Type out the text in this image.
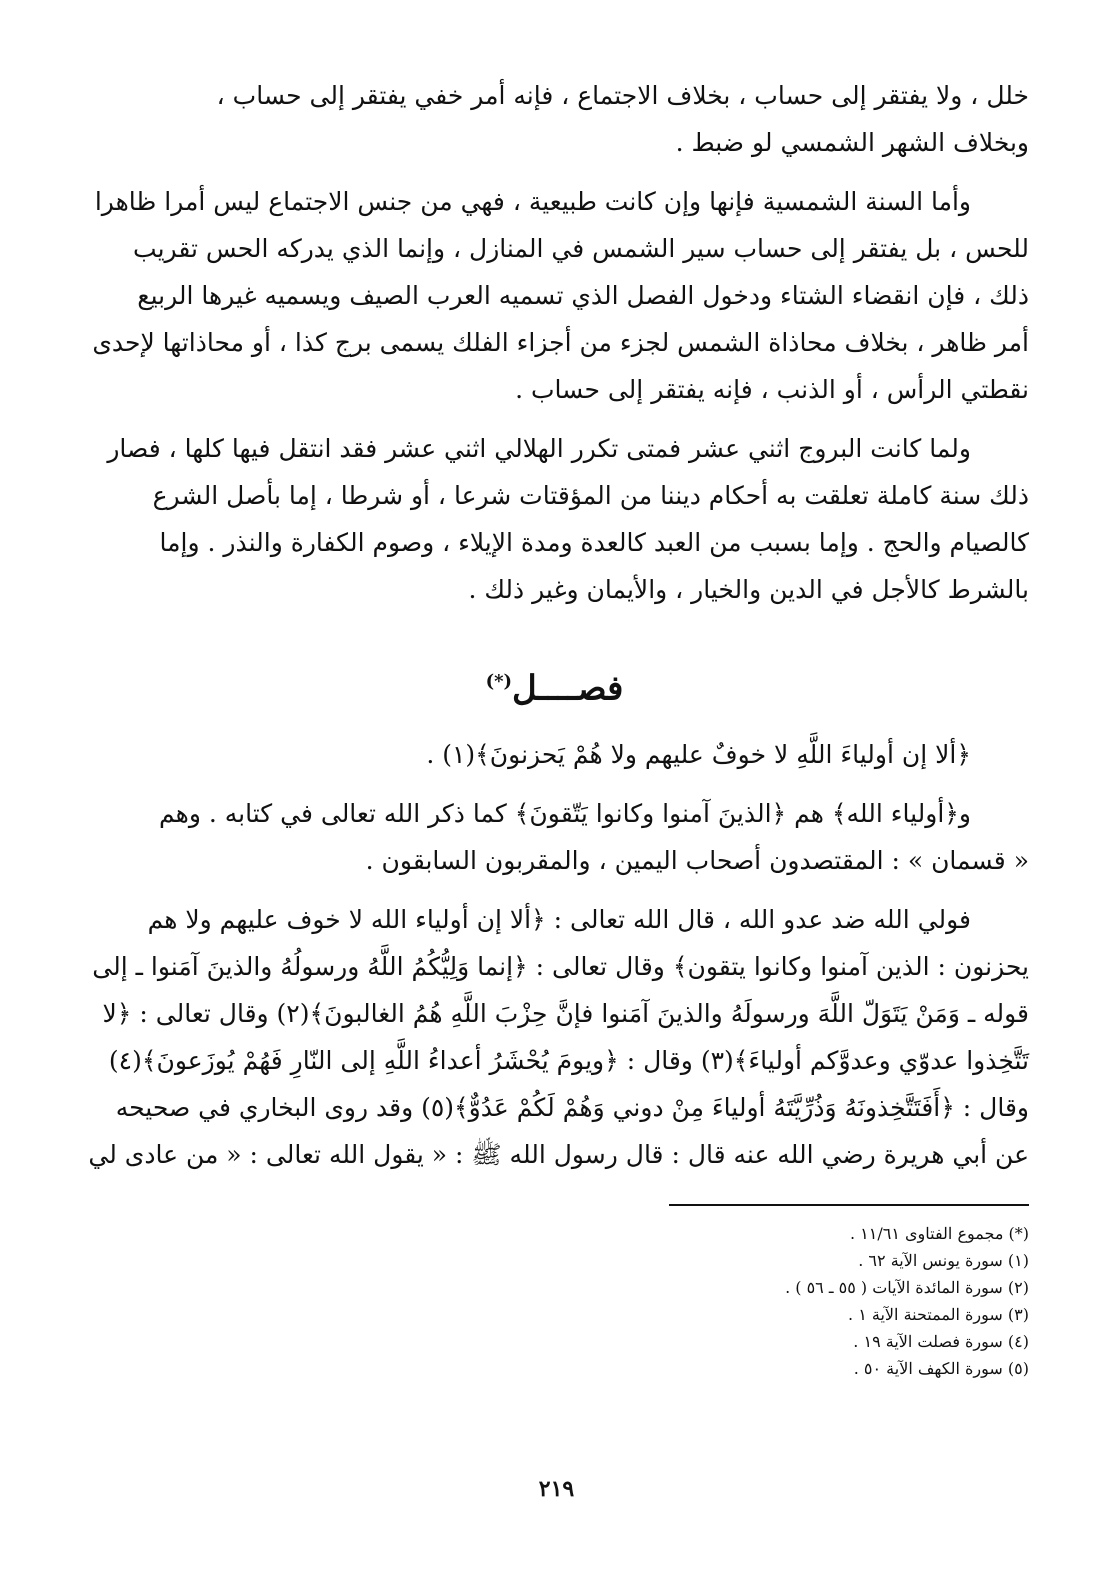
خلل ، ولا يفتقر إلى حساب ، بخلاف الاجتماع ، فإنه أمر خفي يفتقر إلى حساب ،
وبخلاف الشهر الشمسي لو ضبط .
وأما السنة الشمسية فإنها وإن كانت طبيعية ، فهي من جنس الاجتماع ليس أمرا ظاهرا
للحس ، بل يفتقر إلى حساب سير الشمس في المنازل ، وإنما الذي يدركه الحس تقريب
ذلك ، فإن انقضاء الشتاء ودخول الفصل الذي تسميه العرب الصيف ويسميه غيرها الربيع
أمر ظاهر ، بخلاف محاذاة الشمس لجزء من أجزاء الفلك يسمى برج كذا ، أو محاذاتها لإحدى
نقطتي الرأس ، أو الذنب ، فإنه يفتقر إلى حساب .
ولما كانت البروج اثني عشر فمتى تكرر الهلالي اثني عشر فقد انتقل فيها كلها ، فصار
ذلك سنة كاملة تعلقت به أحكام ديننا من المؤقتات شرعا ، أو شرطا ، إما بأصل الشرع
كالصيام والحج . وإما بسبب من العبد كالعدة ومدة الإيلاء ، وصوم الكفارة والنذر . وإما
بالشرط كالأجل في الدين والخيار ، والأيمان وغير ذلك .
فصــــل(*)
﴿ألا إن أولياءَ اللَّهِ لا خوفٌ عليهم ولا هُمْ يَحزنونَ﴾(١) .
و﴿أولياء الله﴾ هم ﴿الذينَ آمنوا وكانوا يَتّقونَ﴾ كما ذكر الله تعالى في كتابه . وهم
« قسمان » : المقتصدون أصحاب اليمين ، والمقربون السابقون .
فولي الله ضد عدو الله ، قال الله تعالى : ﴿ألا إن أولياء الله لا خوف عليهم ولا هم
يحزنون : الذين آمنوا وكانوا يتقون﴾ وقال تعالى : ﴿إنما وَلِيُّكُمُ اللَّهُ ورسولُهُ والذينَ آمَنوا ـ إلى
قوله ـ وَمَنْ يَتَوَلّ اللَّهَ ورسولَهُ والذينَ آمَنوا فإنَّ حِزْبَ اللَّهِ هُمُ الغالبونَ﴾(٢) وقال تعالى : ﴿لا
تَتَّخِذوا عدوّي وعدوَّكم أولياءَ﴾(٣) وقال : ﴿ويومَ يُحْشَرُ أعداءُ اللَّهِ إلى النّارِ فَهُمْ يُوزَعونَ﴾(٤)
وقال : ﴿أَفَتَتَّخِذونَهُ وَذُرِّيَّتَهُ أولياءَ مِنْ دوني وَهُمْ لَكُمْ عَدُوٌّ﴾(٥) وقد روى البخاري في صحيحه
عن أبي هريرة رضي الله عنه قال : قال رسول الله ﷺ : « يقول الله تعالى : « من عادى لي
(*) مجموع الفتاوى ١١/٦١ .
(١) سورة يونس الآية ٦٢ .
(٢) سورة المائدة الآيات ( ٥٥ ـ ٥٦ ) .
(٣) سورة الممتحنة الآية ١ .
(٤) سورة فصلت الآية ١٩ .
(٥) سورة الكهف الآية ٥٠ .
٢١٩
